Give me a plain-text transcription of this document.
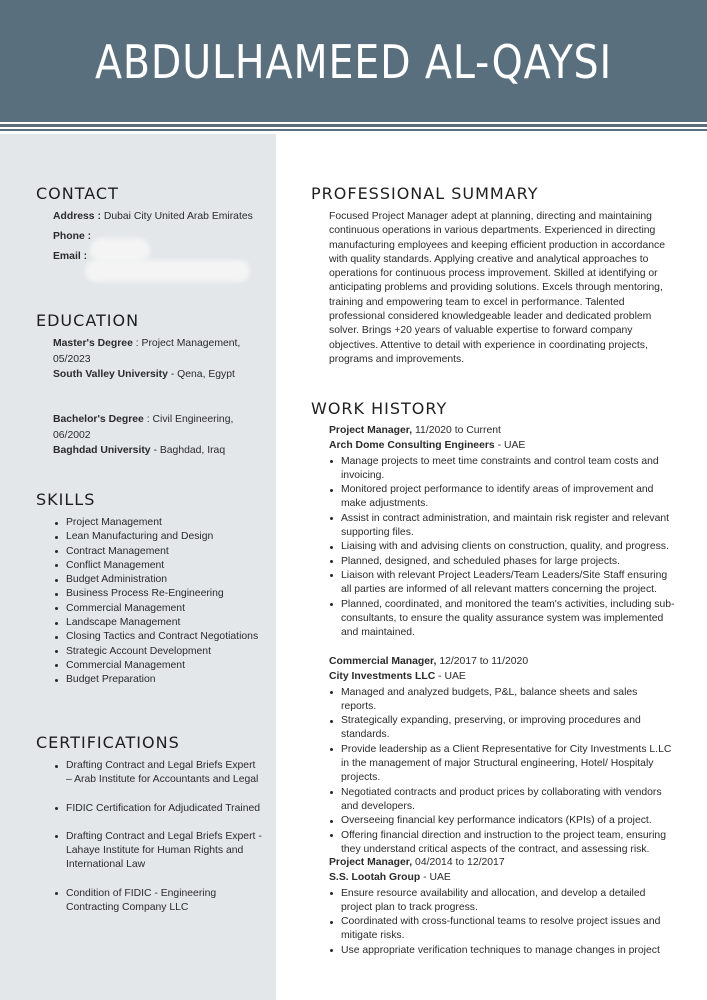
ABDULHAMEED AL-QAYSI
CONTACT
Address : Dubai City United Arab Emirates
Phone :
Email :
EDUCATION
Master's Degree : Project Management, 05/2023
South Valley University - Qena, Egypt
Bachelor's Degree : Civil Engineering, 06/2002
Baghdad University - Baghdad, Iraq
SKILLS
Project Management
Lean Manufacturing and Design
Contract Management
Conflict Management
Budget Administration
Business Process Re-Engineering
Commercial Management
Landscape Management
Closing Tactics and Contract Negotiations
Strategic Account Development
Commercial Management
Budget Preparation
CERTIFICATIONS
Drafting Contract and Legal Briefs Expert – Arab Institute for Accountants and Legal
FIDIC Certification for Adjudicated Trained
Drafting Contract and Legal Briefs Expert - Lahaye Institute for Human Rights and International Law
Condition of FIDIC - Engineering Contracting Company LLC
PROFESSIONAL SUMMARY

Focused Project Manager adept at planning, directing and maintaining continuous operations in various departments. Experienced in directing manufacturing employees and keeping efficient production in accordance with quality standards. Applying creative and analytical approaches to operations for continuous process improvement. Skilled at identifying or anticipating problems and providing solutions. Excels through mentoring, training and empowering team to excel in performance. Talented professional considered knowledgeable leader and dedicated problem solver. Brings +20 years of valuable expertise to forward company objectives. Attentive to detail with experience in coordinating projects, programs and improvements.

WORK HISTORY
Project Manager, 11/2020 to Current
Arch Dome Consulting Engineers - UAE
Manage projects to meet time constraints and control team costs and invoicing.
Monitored project performance to identify areas of improvement and make adjustments.
Assist in contract administration, and maintain risk register and relevant supporting files.
Liaising with and advising clients on construction, quality, and progress.
Planned, designed, and scheduled phases for large projects.
Liaison with relevant Project Leaders/Team Leaders/Site Staff ensuring all parties are informed of all relevant matters concerning the project.
Planned, coordinated, and monitored the team's activities, including sub-consultants, to ensure the quality assurance system was implemented and maintained.
Commercial Manager, 12/2017 to 11/2020
City Investments LLC - UAE
Managed and analyzed budgets, P&L, balance sheets and sales reports.
Strategically expanding, preserving, or improving procedures and standards.
Provide leadership as a Client Representative for City Investments L.LC in the management of major Structural engineering, Hotel/ Hospitaly projects.
Negotiated contracts and product prices by collaborating with vendors and developers.
Overseeing financial key performance indicators (KPIs) of a project.
Offering financial direction and instruction to the project team, ensuring they understand critical aspects of the contract, and assessing risk.
Project Manager, 04/2014 to 12/2017
S.S. Lootah Group - UAE
Ensure resource availability and allocation, and develop a detailed project plan to track progress.
Coordinated with cross-functional teams to resolve project issues and mitigate risks.
Use appropriate verification techniques to manage changes in project
